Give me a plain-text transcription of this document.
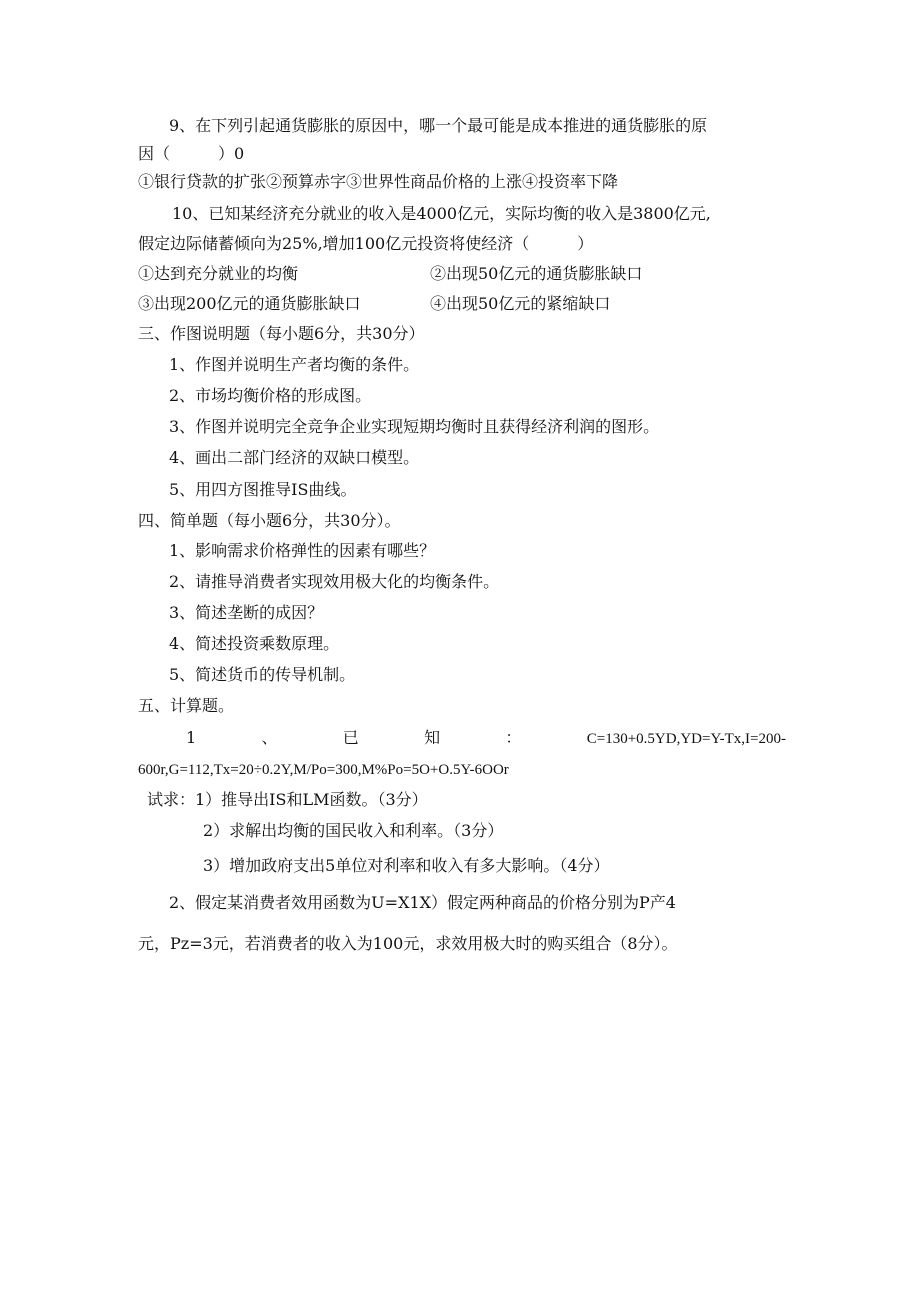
9、在下列引起通货膨胀的原因中，哪一个最可能是成本推进的通货膨胀的原
因（　　　）0
①银行贷款的扩张②预算赤字③世界性商品价格的上涨④投资率下降
10、已知某经济充分就业的收入是4000亿元，实际均衡的收入是3800亿元,
假定边际储蓄倾向为25%,增加100亿元投资将使经济（　　　）
①达到充分就业的均衡	②出现50亿元的通货膨胀缺口
③出现200亿元的通货膨胀缺口	④出现50亿元的紧缩缺口
三、作图说明题（每小题6分，共30分）
1、作图并说明生产者均衡的条件。
2、市场均衡价格的形成图。
3、作图并说明完全竞争企业实现短期均衡时且获得经济利润的图形。
4、画出二部门经济的双缺口模型。
5、用四方图推导IS曲线。
四、简单题（每小题6分，共30分）。
1、影响需求价格弹性的因素有哪些？
2、请推导消费者实现效用极大化的均衡条件。
3、简述垄断的成因？
4、简述投资乘数原理。
5、简述货币的传导机制。
五、计算题。
1	、	已	知	：	C=130+0.5YD,YD=Y-Tx,I=200-
600r,G=112,Tx=20÷0.2Y,M/Po=300,M%Po=5O+O.5Y-6OOr
试求：1）推导出IS和LM函数。（3分）
2）求解出均衡的国民收入和利率。（3分）
3）增加政府支出5单位对利率和收入有多大影响。（4分）
2、假定某消费者效用函数为U=X1X）假定两种商品的价格分别为P产4
元，Pz=3元，若消费者的收入为100元，求效用极大时的购买组合（8分）。
